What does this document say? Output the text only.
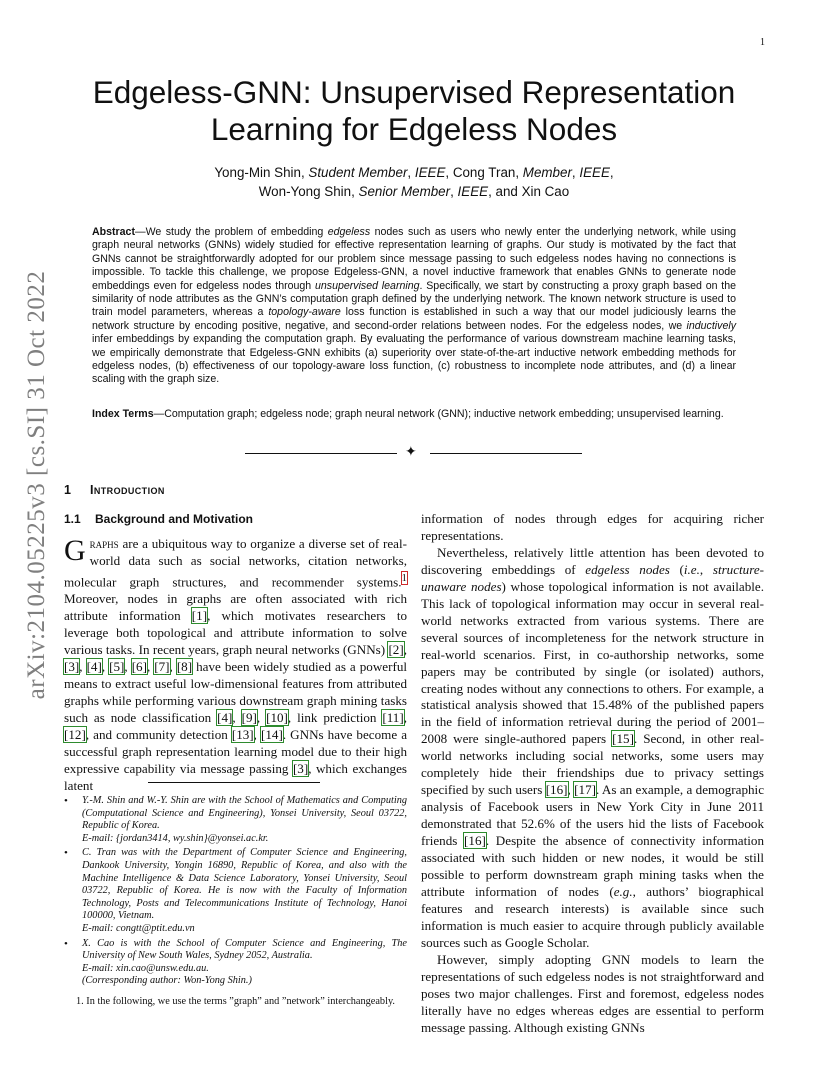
1
arXiv:2104.05225v3 [cs.SI] 31 Oct 2022
Edgeless-GNN: Unsupervised Representation
Learning for Edgeless Nodes
Yong-Min Shin, Student Member, IEEE, Cong Tran, Member, IEEE,
Won-Yong Shin, Senior Member, IEEE, and Xin Cao
Abstract—We study the problem of embedding edgeless nodes such as users who newly enter the underlying network, while using graph neural networks (GNNs) widely studied for effective representation learning of graphs. Our study is motivated by the fact that GNNs cannot be straightforwardly adopted for our problem since message passing to such edgeless nodes having no connections is impossible. To tackle this challenge, we propose Edgeless-GNN, a novel inductive framework that enables GNNs to generate node embeddings even for edgeless nodes through unsupervised learning. Specifically, we start by constructing a proxy graph based on the similarity of node attributes as the GNN’s computation graph defined by the underlying network. The known network structure is used to train model parameters, whereas a topology-aware loss function is established in such a way that our model judiciously learns the network structure by encoding positive, negative, and second-order relations between nodes. For the edgeless nodes, we inductively infer embeddings by expanding the computation graph. By evaluating the performance of various downstream machine learning tasks, we empirically demonstrate that Edgeless-GNN exhibits (a) superiority over state-of-the-art inductive network embedding methods for edgeless nodes, (b) effectiveness of our topology-aware loss function, (c) robustness to incomplete node attributes, and (d) a linear scaling with the graph size.
Index Terms—Computation graph; edgeless node; graph neural network (GNN); inductive network embedding; unsupervised learning.
✦
1 Introduction
1.1 Background and Motivation

Graphs are a ubiquitous way to organize a diverse set of real-world data such as social networks, citation networks, molecular graph structures, and recommender systems.$^1$ Moreover, nodes in graphs are often associated with rich attribute information [1], which motivates researchers to leverage both topological and attribute information to solve various tasks. In recent years, graph neural networks (GNNs) [2], [3], [4], [5], [6], [7], [8] have been widely studied as a powerful means to extract useful low-dimensional features from attributed graphs while performing various downstream graph mining tasks such as node classification [4], [9], [10], link prediction [11], [12], and community detection [13], [14]. GNNs have become a successful graph representation learning model due to their high expressive capability via message passing [3], which exchanges latent

• Y.-M. Shin and W.-Y. Shin are with the School of Mathematics and Computing (Computational Science and Engineering), Yonsei University, Seoul 03722, Republic of Korea.
E-mail: {jordan3414, wy.shin}@yonsei.ac.kr.
• C. Tran was with the Department of Computer Science and Engineering, Dankook University, Yongin 16890, Republic of Korea, and also with the Machine Intelligence & Data Science Laboratory, Yonsei University, Seoul 03722, Republic of Korea. He is now with the Faculty of Information Technology, Posts and Telecommunications Institute of Technology, Hanoi 100000, Vietnam.
E-mail: congtt@ptit.edu.vn
• X. Cao is with the School of Computer Science and Engineering, The University of New South Wales, Sydney 2052, Australia.
E-mail: xin.cao@unsw.edu.au.
(Corresponding author: Won-Yong Shin.)
1. In the following, we use the terms ”graph” and ”network” interchangeably.

information of nodes through edges for acquiring richer representations.

Nevertheless, relatively little attention has been devoted to discovering embeddings of edgeless nodes (i.e., structure-unaware nodes) whose topological information is not available. This lack of topological information may occur in several real-world networks extracted from various systems. There are several sources of incompleteness for the network structure in real-world scenarios. First, in co-authorship networks, some papers may be contributed by single (or isolated) authors, creating nodes without any connections to others. For example, a statistical analysis showed that 15.48% of the published papers in the field of information retrieval during the period of 2001–2008 were single-authored papers [15]. Second, in other real-world networks including social networks, some users may completely hide their friendships due to privacy settings specified by such users [16], [17]. As an example, a demographic analysis of Facebook users in New York City in June 2011 demonstrated that 52.6% of the users hid the lists of Facebook friends [16]. Despite the absence of connectivity information associated with such hidden or new nodes, it would be still possible to perform downstream graph mining tasks when the attribute information of nodes (e.g., authors’ biographical features and research interests) is available since such information is much easier to acquire through publicly available sources such as Google Scholar.

However, simply adopting GNN models to learn the representations of such edgeless nodes is not straightforward and poses two major challenges. First and foremost, edgeless nodes literally have no edges whereas edges are essential to perform message passing. Although existing GNNs
